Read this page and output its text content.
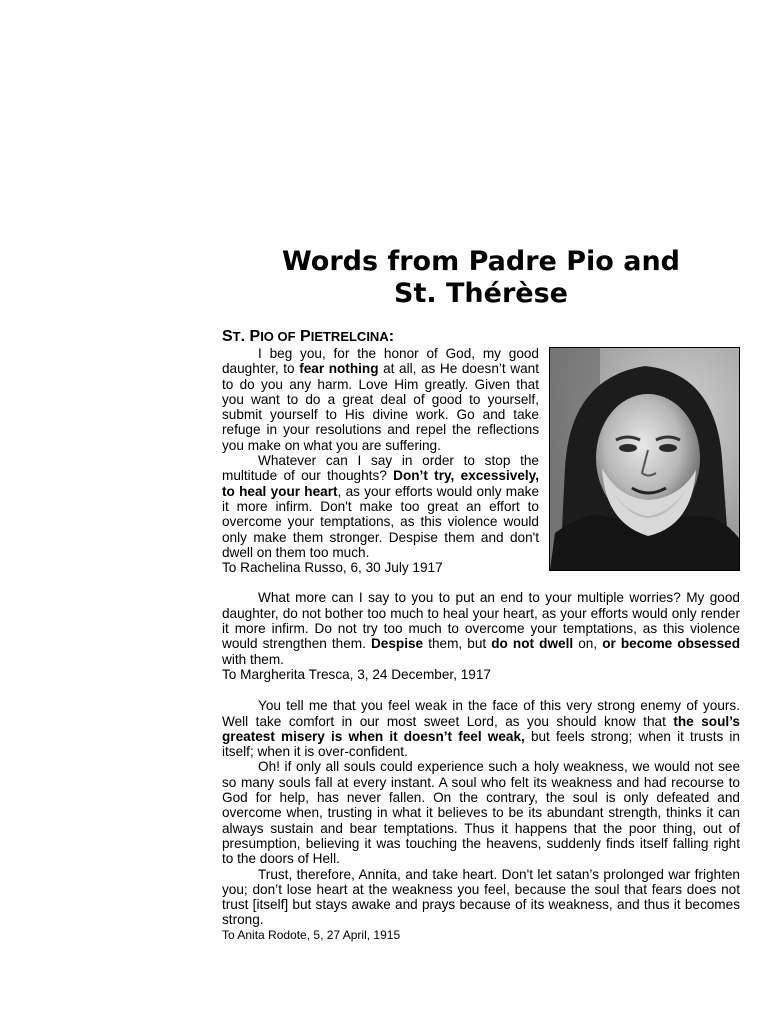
Words from Padre Pio and
St. Thérèse
ST. PIO OF PIETRELCINA:

I beg you, for the honor of God, my good daughter, to fear nothing at all, as He doesn’t want to do you any harm. Love Him greatly. Given that you want to do a great deal of good to yourself, submit yourself to His divine work. Go and take refuge in your resolutions and repel the reflections you make on what you are suffering.

Whatever can I say in order to stop the multitude of our thoughts? Don’t try, excessively, to heal your heart, as your efforts would only make it more infirm. Don't make too great an effort to overcome your temptations, as this violence would only make them stronger. Despise them and don't dwell on them too much.

To Rachelina Russo, 6, 30 July 1917

What more can I say to you to put an end to your multiple worries? My good daughter, do not bother too much to heal your heart, as your efforts would only render it more infirm. Do not try too much to overcome your temptations, as this violence would strengthen them. Despise them, but do not dwell on, or become obsessed with them.

To Margherita Tresca, 3, 24 December, 1917

You tell me that you feel weak in the face of this very strong enemy of yours. Well take comfort in our most sweet Lord, as you should know that the soul’s greatest misery is when it doesn’t feel weak, but feels strong; when it trusts in itself; when it is over-confident.

Oh! if only all souls could experience such a holy weakness, we would not see so many souls fall at every instant. A soul who felt its weakness and had recourse to God for help, has never fallen. On the contrary, the soul is only defeated and overcome when, trusting in what it believes to be its abundant strength, thinks it can always sustain and bear temptations. Thus it happens that the poor thing, out of presumption, believing it was touching the heavens, suddenly finds itself falling right to the doors of Hell.

Trust, therefore, Annita, and take heart. Don't let satan’s prolonged war frighten you; don’t lose heart at the weakness you feel, because the soul that fears does not trust [itself] but stays awake and prays because of its weakness, and thus it becomes strong.

To Anita Rodote, 5, 27 April, 1915
